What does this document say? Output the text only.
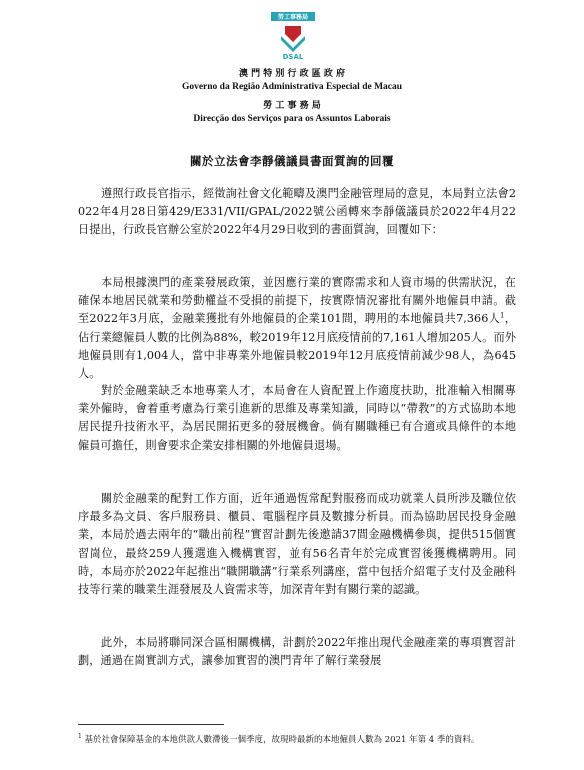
勞工事務局
DSAL
澳 門 特 別 行 政 區 政 府
Governo da Região Administrativa Especial de Macau
勞 工 事 務 局
Direcção dos Serviços para os Assuntos Laborais
關於立法會李靜儀議員書面質詢的回覆

遵照行政長官指示，經徵詢社會文化範疇及澳門金融管理局的意見，本局對立法會2022年4月28日第429/E331/VII/GPAL/2022號公函轉來李靜儀議員於2022年4月22日提出，行政長官辦公室於2022年4月29日收到的書面質詢，回覆如下：

本局根據澳門的產業發展政策，並因應行業的實際需求和人資市場的供需狀況，在確保本地居民就業和勞動權益不受損的前提下，按實際情況審批有關外地僱員申請。截至2022年3月底，金融業獲批有外地僱員的企業101間，聘用的本地僱員共7,366人$^1$，佔行業總僱員人數的比例為88%，較2019年12月底疫情前的7,161人增加205人。而外地僱員則有1,004人，當中非專業外地僱員較2019年12月底疫情前減少98人，為645人。

對於金融業缺乏本地專業人才，本局會在人資配置上作適度扶助，批准輸入相關專業外僱時，會着重考慮為行業引進新的思維及專業知識，同時以“帶教”的方式協助本地居民提升技術水平，為居民開拓更多的發展機會。倘有關職種已有合適或具條件的本地僱員可擔任，則會要求企業安排相關的外地僱員退場。

關於金融業的配對工作方面，近年通過恆常配對服務而成功就業人員所涉及職位依序最多為文員、客戶服務員、櫃員、電腦程序員及數據分析員。而為協助居民投身金融業，本局於過去兩年的“職出前程”實習計劃先後邀請37間金融機構參與，提供515個實習崗位，最終259人獲選進入機構實習，並有56名青年於完成實習後獲機構聘用。同時，本局亦於2022年起推出“職開職講”行業系列講座，當中包括介紹電子支付及金融科技等行業的職業生涯發展及人資需求等，加深青年對有關行業的認識。

此外，本局將聯同深合區相關機構，計劃於2022年推出現代金融產業的專項實習計劃，通過在崗實訓方式，讓參加實習的澳門青年了解行業發展

$^1$ 基於社會保障基金的本地供款人數滯後一個季度，故現時最新的本地僱員人數為 2021 年第 4 季的資料。
